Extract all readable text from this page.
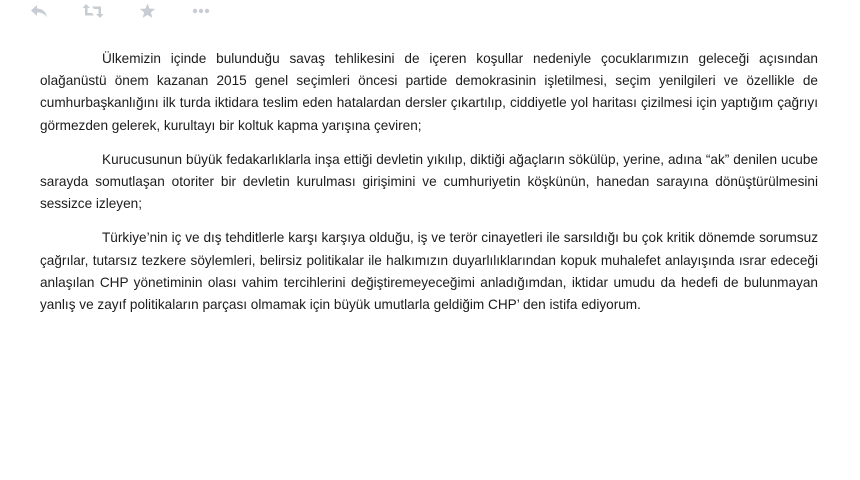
Ülkemizin içinde bulunduğu savaş tehlikesini de içeren koşullar nedeniyle çocuklarımızın geleceği açısından olağanüstü önem kazanan 2015 genel seçimleri öncesi partide demokrasinin işletilmesi, seçim yenilgileri ve özellikle de cumhurbaşkanlığını ilk turda iktidara teslim eden hatalardan dersler çıkartılıp, ciddiyetle yol haritası çizilmesi için yaptığım çağrıyı görmezden gelerek, kurultayı bir koltuk kapma yarışına çeviren;

Kurucusunun büyük fedakarlıklarla inşa ettiği devletin yıkılıp, diktiği ağaçların sökülüp, yerine, adına “ak” denilen ucube sarayda somutlaşan otoriter bir devletin kurulması girişimini ve cumhuriyetin köşkünün, hanedan sarayına dönüştürülmesini sessizce izleyen;

Türkiye’nin iç ve dış tehditlerle karşı karşıya olduğu, iş ve terör cinayetleri ile sarsıldığı bu çok kritik dönemde sorumsuz çağrılar, tutarsız tezkere söylemleri, belirsiz politikalar ile halkımızın duyarlılıklarından kopuk muhalefet anlayışında ısrar edeceği anlaşılan CHP yönetiminin olası vahim tercihlerini değiştiremeyeceğimi anladığımdan, iktidar umudu da hedefi de bulunmayan yanlış ve zayıf politikaların parçası olmamak için büyük umutlarla geldiğim CHP’ den istifa ediyorum.
